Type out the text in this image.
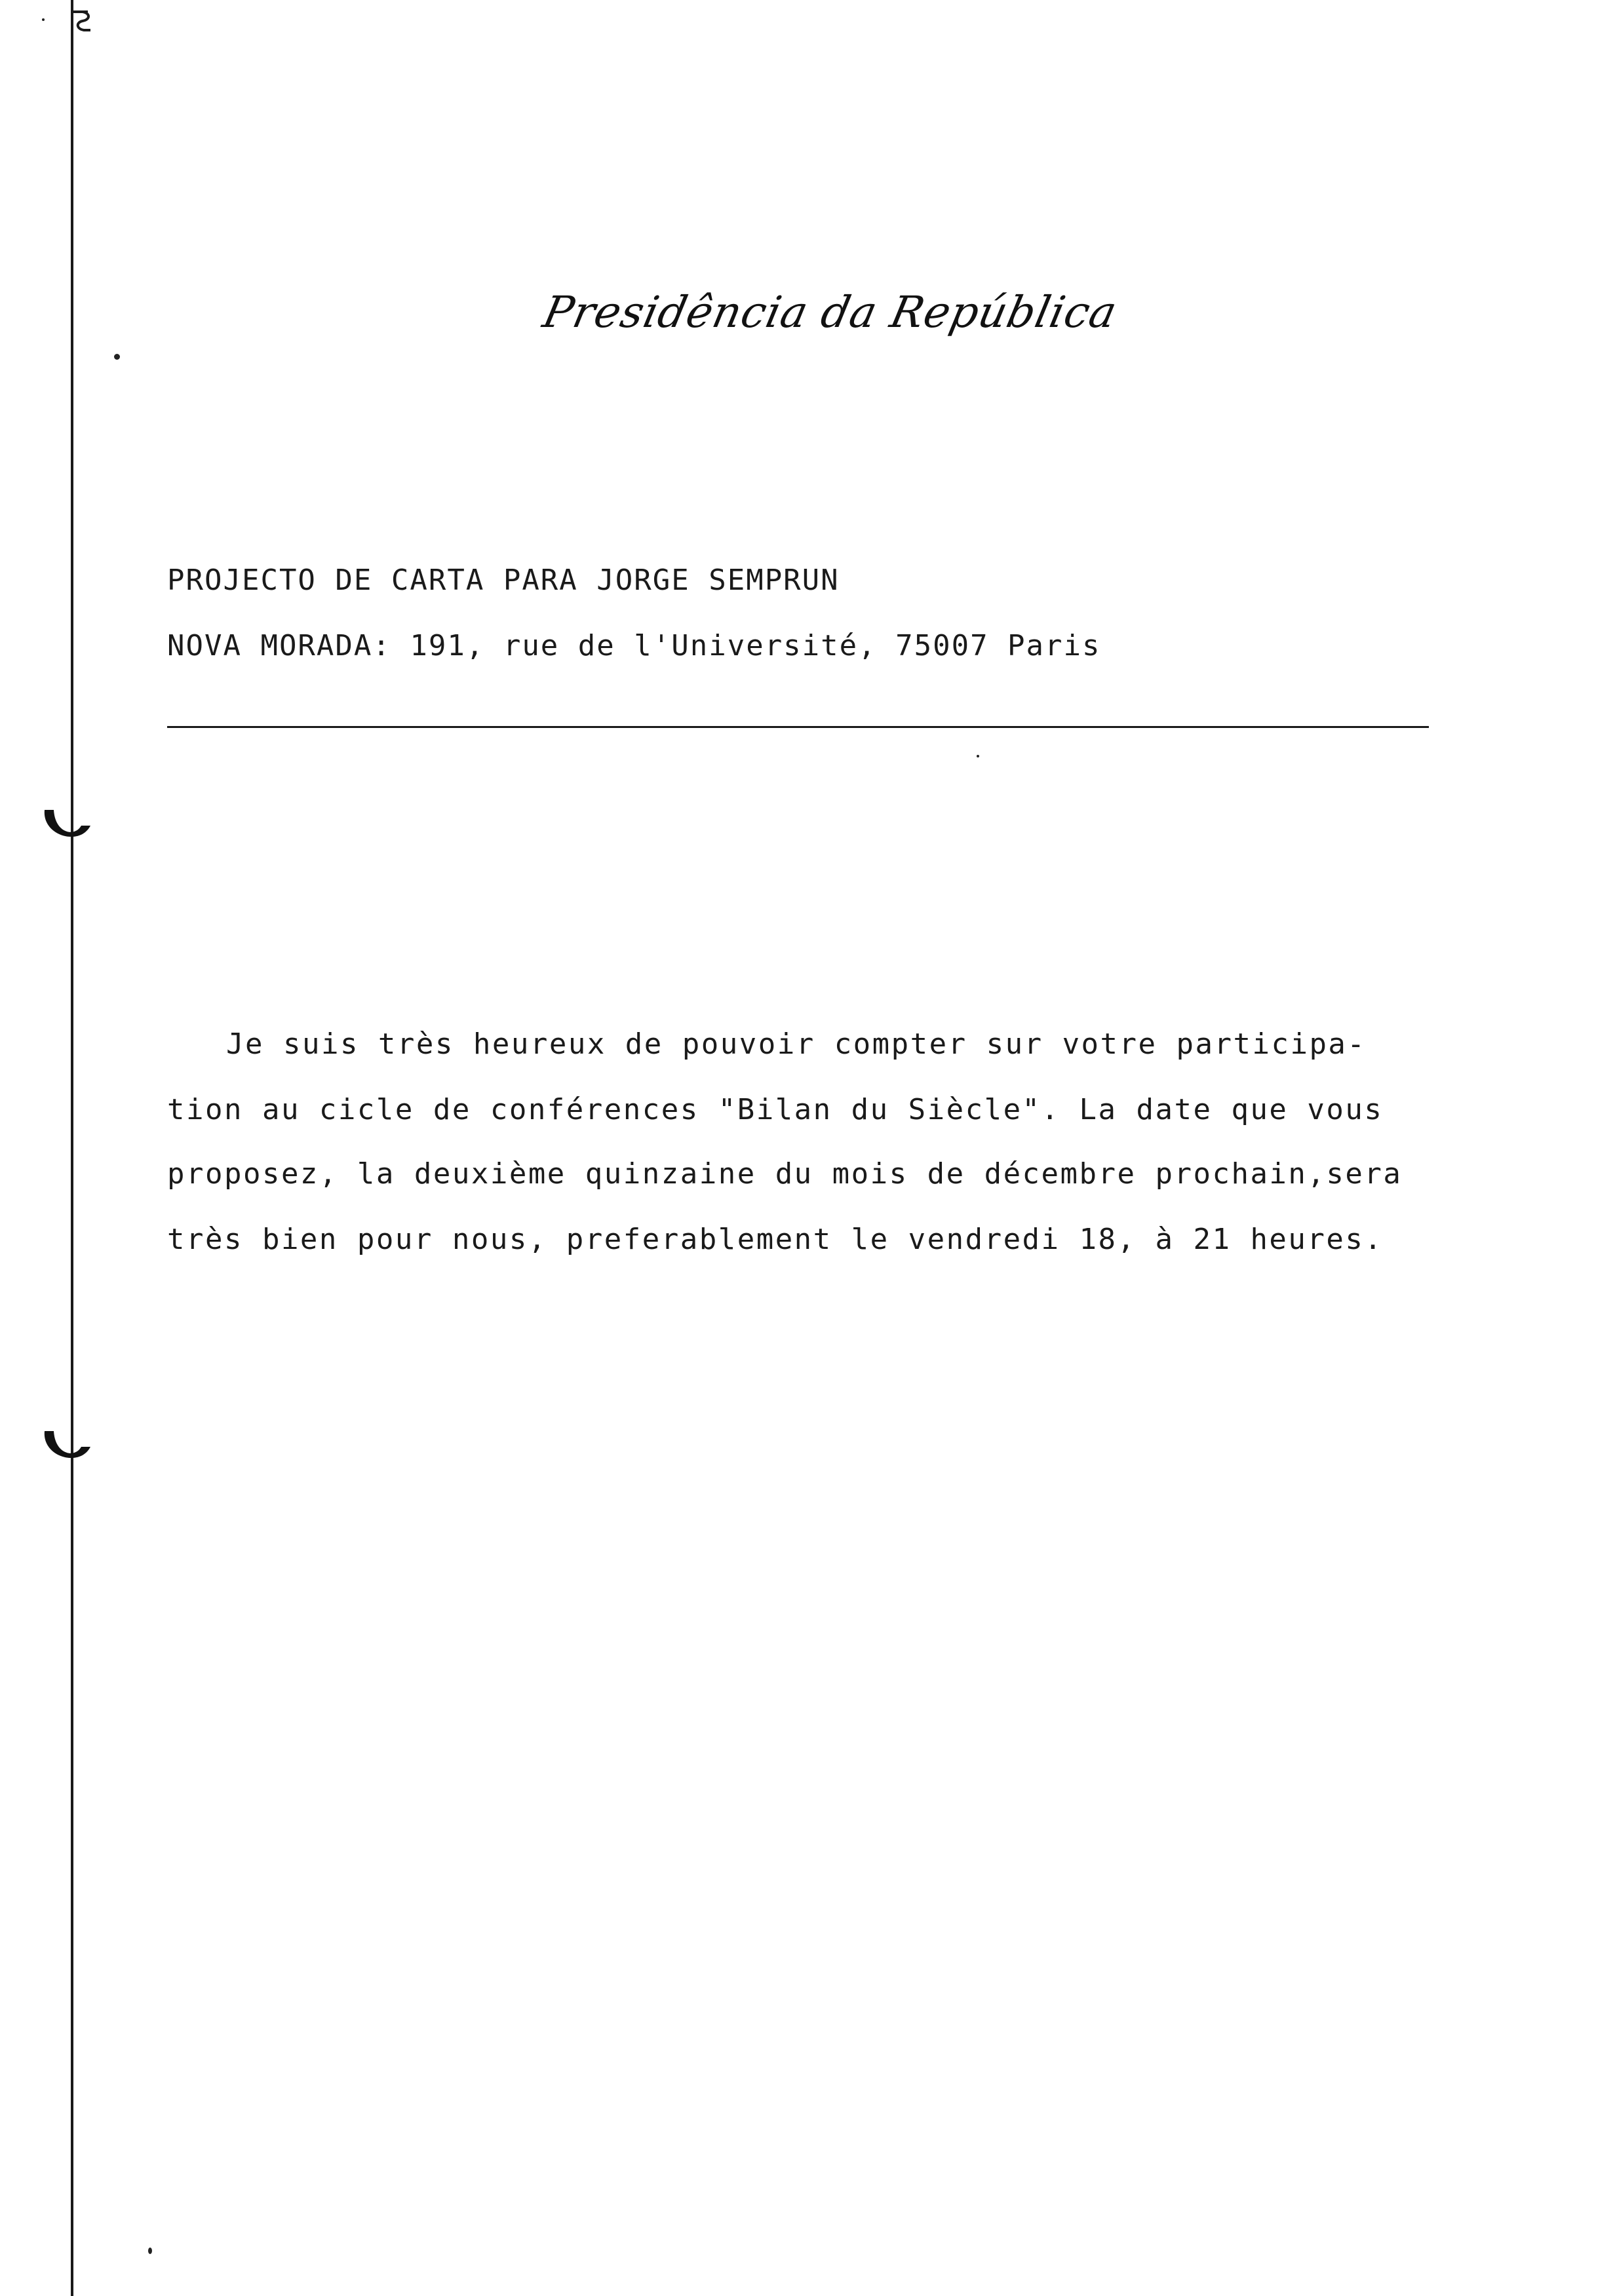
Presidência da República
PROJECTO DE CARTA PARA JORGE SEMPRUN
NOVA MORADA: 191, rue de l'Université, 75007 Paris
Je suis très heureux de pouvoir compter sur votre participa-
tion au cicle de conférences "Bilan du Siècle". La date que vous
proposez, la deuxième quinzaine du mois de décembre prochain,sera
très bien pour nous, preferablement le vendredi 18, à 21 heures.
